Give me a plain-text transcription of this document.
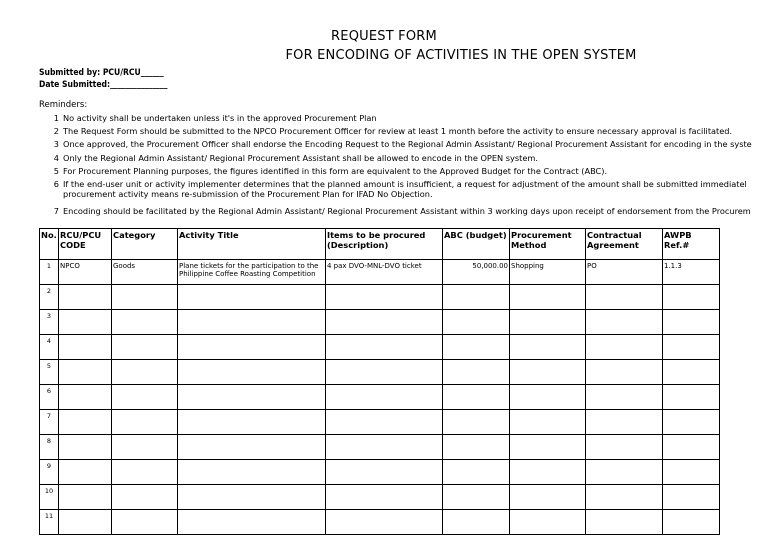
REQUEST FORM
FOR ENCODING OF ACTIVITIES IN THE OPEN SYSTEM
Submitted by: PCU/RCU______
Date Submitted:_______________
Reminders:
1 No activity shall be undertaken unless it's in the approved Procurement Plan
2 The Request Form should be submitted to the NPCO Procurement Officer for review at least 1 month before the activity to ensure necessary approval is facilitated.
3 Once approved, the Procurement Officer shall endorse the Encoding Request to the Regional Admin Assistant/ Regional Procurement Assistant for encoding in the syste
4 Only the Regional Admin Assistant/ Regional Procurement Assistant shall be allowed to encode in the OPEN system.
5 For Procurement Planning purposes, the figures identified in this form are equivalent to the Approved Budget for the Contract (ABC).
6 If the end-user unit or activity implementer determines that the planned amount is insufficient, a request for adjustment of the amount shall be submitted immediatel
procurement activity means re-submission of the Procurement Plan for IFAD No Objection.
7 Encoding should be facilitated by the Regional Admin Assistant/ Regional Procurement Assistant within 3 working days upon receipt of endorsement from the Procurem
No.	RCU/PCU CODE	Category	Activity Title	Items to be procured (Description)	ABC (budget)	Procurement Method	Contractual Agreement	AWPB Ref.#
1	NPCO	Goods	Plane tickets for the participation to the Philippine Coffee Roasting Competition	4 pax DVO-MNL-DVO ticket	50,000.00	Shopping	PO	1.1.3
2								
3								
4								
5								
6								
7								
8								
9								
10								
11								
